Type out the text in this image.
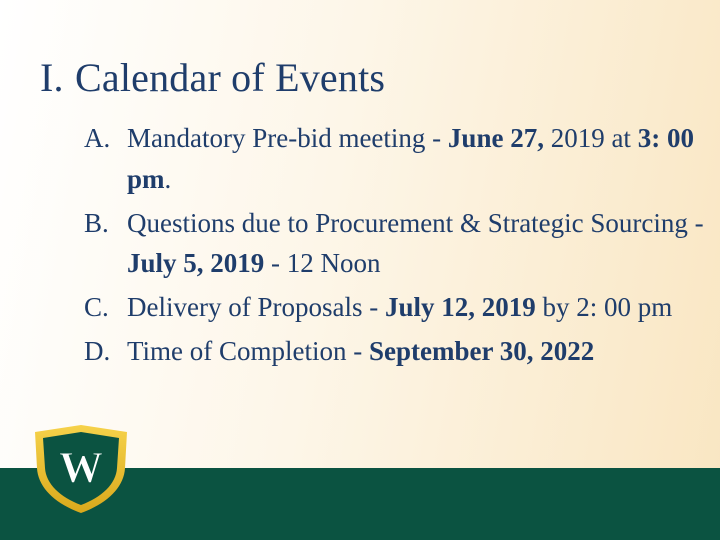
I. Calendar of Events
A. Mandatory Pre-bid meeting - June 27, 2019 at 3: 00 pm.
B. Questions due to Procurement & Strategic Sourcing - July 5, 2019 - 12 Noon
C. Delivery of Proposals - July 12, 2019 by 2: 00 pm
D. Time of Completion - September 30, 2022
W
